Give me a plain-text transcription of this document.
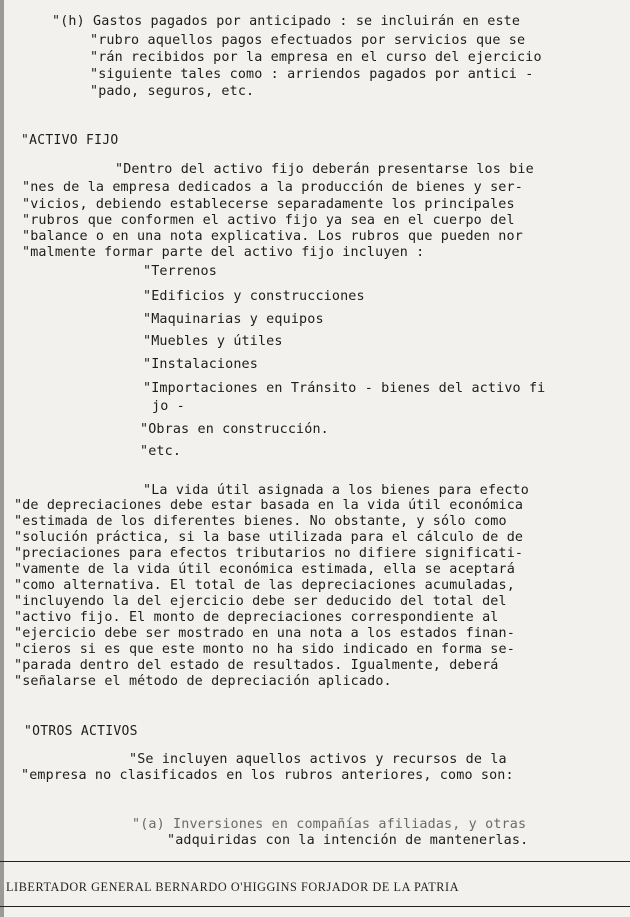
"(h) Gastos pagados por anticipado : se incluirán en este
"rubro aquellos pagos efectuados por servicios que se
"rán recibidos por la empresa en el curso del ejercicio
"siguiente tales como : arriendos pagados por antici -
"pado, seguros, etc.
"ACTIVO FIJO
"Dentro del activo fijo deberán presentarse los bie
"nes de la empresa dedicados a la producción de bienes y ser-
"vicios, debiendo establecerse separadamente los principales
"rubros que conformen el activo fijo ya sea en el cuerpo del
"balance o en una nota explicativa. Los rubros que pueden nor
"malmente formar parte del activo fijo incluyen :
"Terrenos
"Edificios y construcciones
"Maquinarias y equipos
"Muebles y útiles
"Instalaciones
"Importaciones en Tránsito - bienes del activo fi
jo -
"Obras en construcción.
"etc.
"La vida útil asignada a los bienes para efecto
"de depreciaciones debe estar basada en la vida útil económica
"estimada de los diferentes bienes. No obstante, y sólo como
"solución práctica, si la base utilizada para el cálculo de de
"preciaciones para efectos tributarios no difiere significati-
"vamente de la vida útil económica estimada, ella se aceptará
"como alternativa. El total de las depreciaciones acumuladas,
"incluyendo la del ejercicio debe ser deducido del total del
"activo fijo. El monto de depreciaciones correspondiente al
"ejercicio debe ser mostrado en una nota a los estados finan-
"cieros si es que este monto no ha sido indicado en forma se-
"parada dentro del estado de resultados. Igualmente, deberá
"señalarse el método de depreciación aplicado.
"OTROS ACTIVOS
"Se incluyen aquellos activos y recursos de la
"empresa no clasificados en los rubros anteriores, como son:
"(a) Inversiones en compañías afiliadas, y otras
"adquiridas con la intención de mantenerlas.
LIBERTADOR GENERAL BERNARDO O'HIGGINS FORJADOR DE LA PATRIA
